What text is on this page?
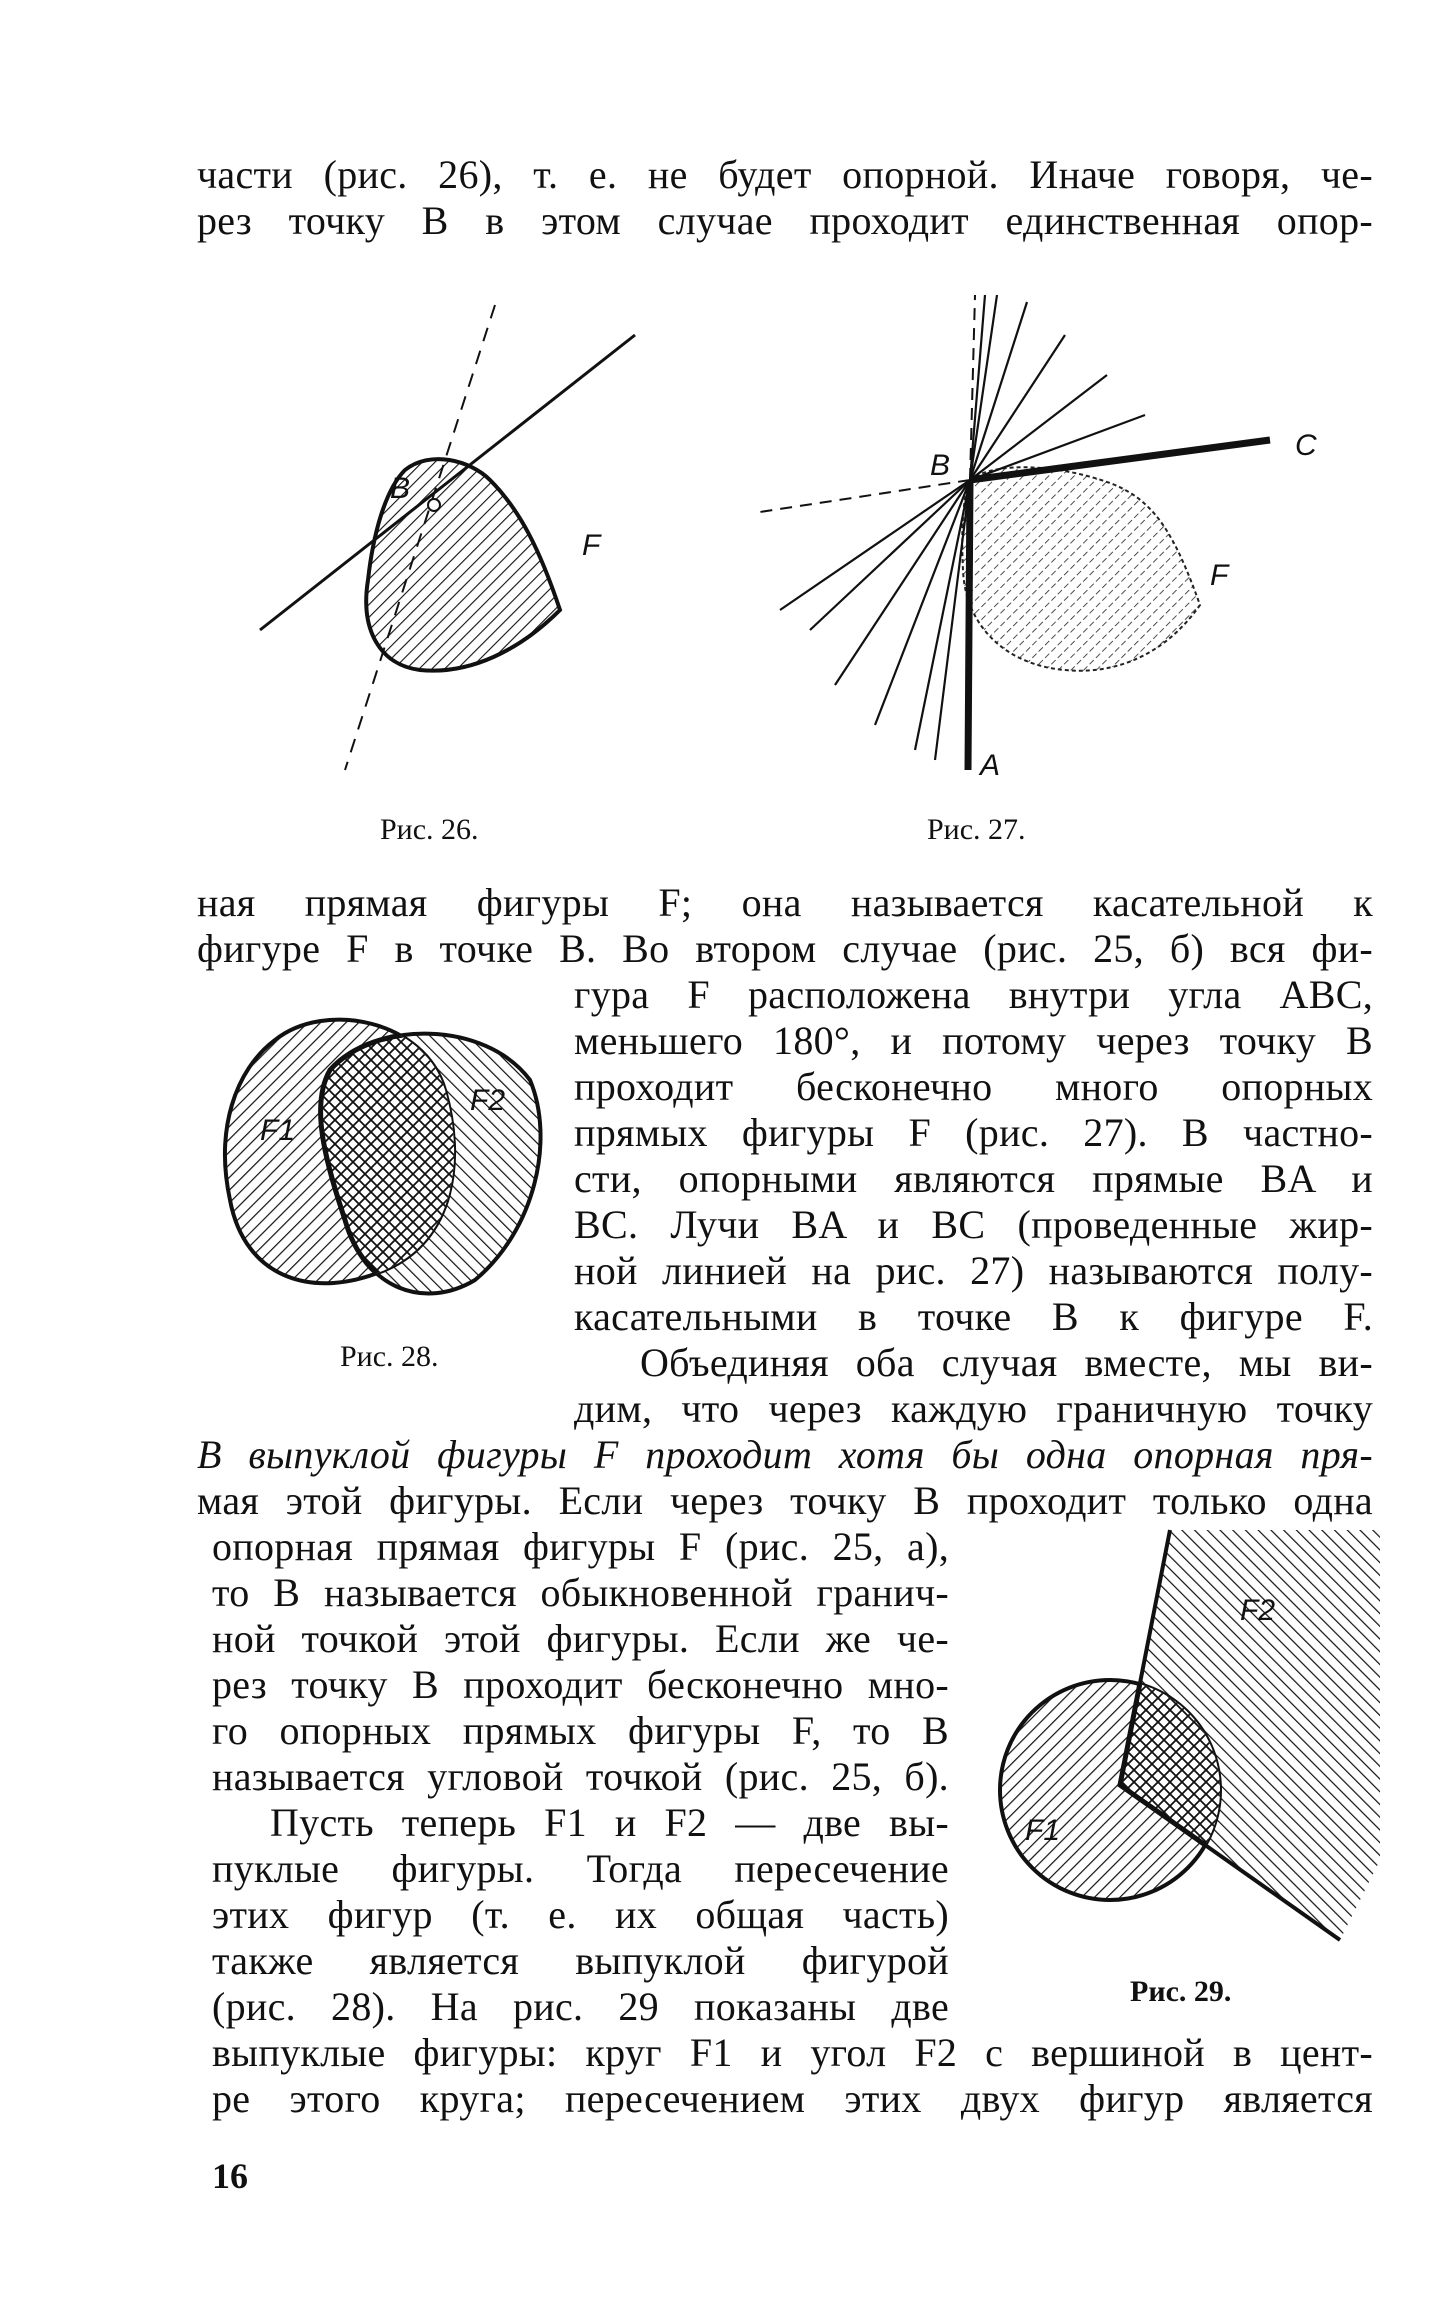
части (рис. 26), т. е. не будет опорной. Иначе говоря, че-
рез точку B в этом случае проходит единственная опор-
B
F
B
C
F
A
Рис. 26.	Рис. 27.
ная прямая фигуры F; она называется касательной к
фигуре F в точке B. Во втором случае (рис. 25, б) вся фи-
гура F расположена внутри угла ABC,
меньшего 180°, и потому через точку B
проходит бесконечно много опорных
прямых фигуры F (рис. 27). В частно-
сти, опорными являются прямые BA и
BC. Лучи BA и BC (проведенные жир-
ной линией на рис. 27) называются полу-
касательными в точке B к фигуре F.
Объединяя оба случая вместе, мы ви-
дим, что через каждую граничную точку
B выпуклой фигуры F проходит хотя бы одна опорная пря-
мая этой фигуры. Если через точку B проходит только одна
F1
F2
Рис. 28.
опорная прямая фигуры F (рис. 25, а),
то B называется обыкновенной гранич-
ной точкой этой фигуры. Если же че-
рез точку B проходит бесконечно мно-
го опорных прямых фигуры F, то B
называется угловой точкой (рис. 25, б).
Пусть теперь F1 и F2 — две вы-
пуклые фигуры. Тогда пересечение
этих фигур (т. е. их общая часть)
также является выпуклой фигурой
(рис. 28). На рис. 29 показаны две
выпуклые фигуры: круг F1 и угол F2 с вершиной в цент-
ре этого круга; пересечением этих двух фигур является
F2
F1
Рис. 29.
16
